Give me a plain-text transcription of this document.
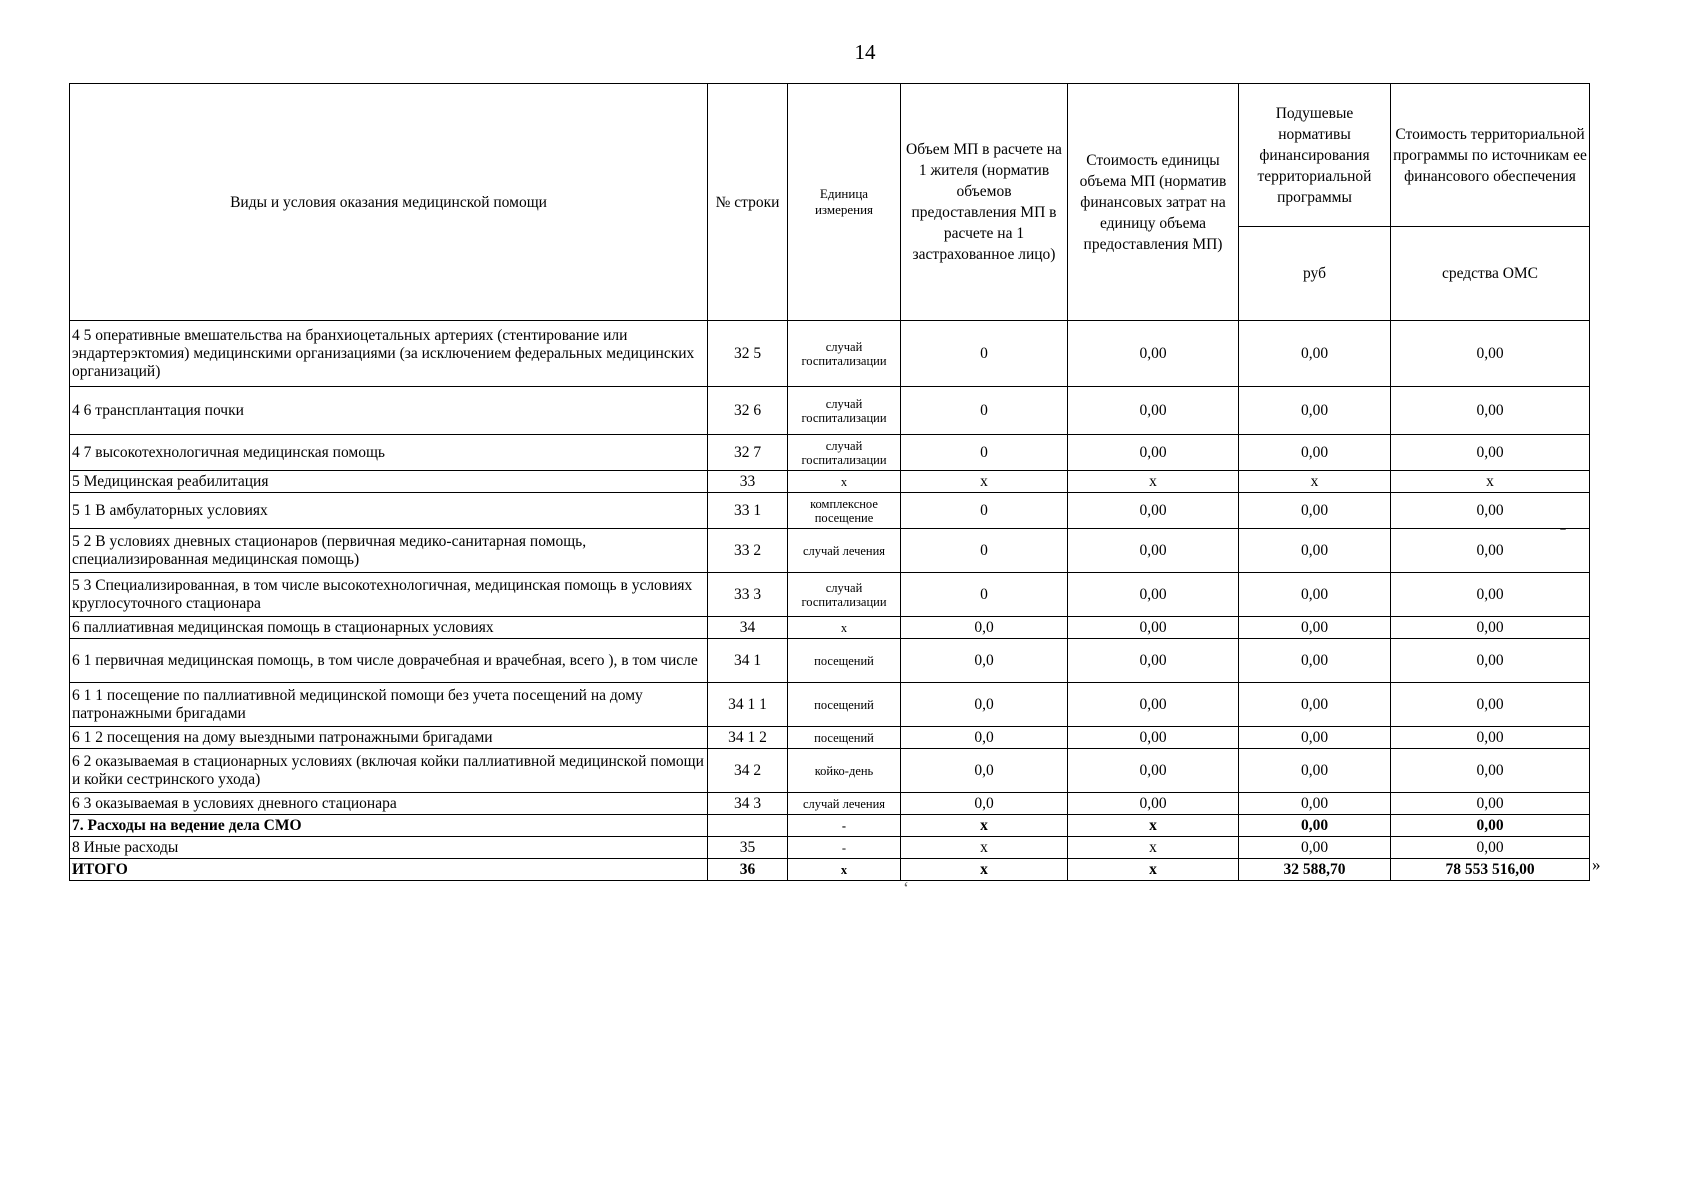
14
Виды и условия оказания медицинской помощи	№ строки	Единица измерения	Объем МП в расчете на 1 жителя (норматив объемов предоставления МП в расчете на 1 застрахованное лицо)	Стоимость единицы объема МП (норматив финансовых затрат на единицу объема предоставления МП)	Подушевые нормативы финансирования территориальной программы	Стоимость территориальной программы по источникам ее финансового обеспечения
					руб	средства ОМС
4 5 оперативные вмешательства на бранхиоцетальных артериях (стентирование или эндартерэктомия) медицинскими организациями (за исключением федеральных медицинских организаций)	32 5	случай госпитализации	0	0,00	0,00	0,00
4 6 трансплантация почки	32 6	случай госпитализации	0	0,00	0,00	0,00
4 7 высокотехнологичная медицинская помощь	32 7	случай госпитализации	0	0,00	0,00	0,00
5 Медицинская реабилитация	33	х	х	х	х	х
5 1 В амбулаторных условиях	33 1	комплексное посещение	0	0,00	0,00	0,00
5 2 В условиях дневных стационаров (первичная медико-санитарная помощь, специализированная медицинская помощь)	33 2	случай лечения	0	0,00	0,00	0,00
5 3 Специализированная, в том числе высокотехнологичная, медицинская помощь в условиях круглосуточного стационара	33 3	случай госпитализации	0	0,00	0,00	0,00
6 паллиативная медицинская помощь в стационарных условиях	34	х	0,0	0,00	0,00	0,00
6 1 первичная медицинская помощь, в том числе доврачебная и врачебная, всего ), в том числе	34 1	посещений	0,0	0,00	0,00	0,00
6 1 1 посещение по паллиативной медицинской помощи без учета посещений на дому патронажными бригадами	34 1 1	посещений	0,0	0,00	0,00	0,00
6 1 2 посещения на дому выездными патронажными бригадами	34 1 2	посещений	0,0	0,00	0,00	0,00
6 2 оказываемая в стационарных условиях (включая койки паллиативной медицинской помощи и койки сестринского ухода)	34 2	койко-день	0,0	0,00	0,00	0,00
6 3 оказываемая в условиях дневного стационара	34 3	случай лечения	0,0	0,00	0,00	0,00
7. Расходы на ведение дела СМО		-	х	х	0,00	0,00
8 Иные расходы	35	-	х	х	0,00	0,00
ИТОГО	36	х	х	х	32 588,70	78 553 516,00	»
ʻ
ˉ
